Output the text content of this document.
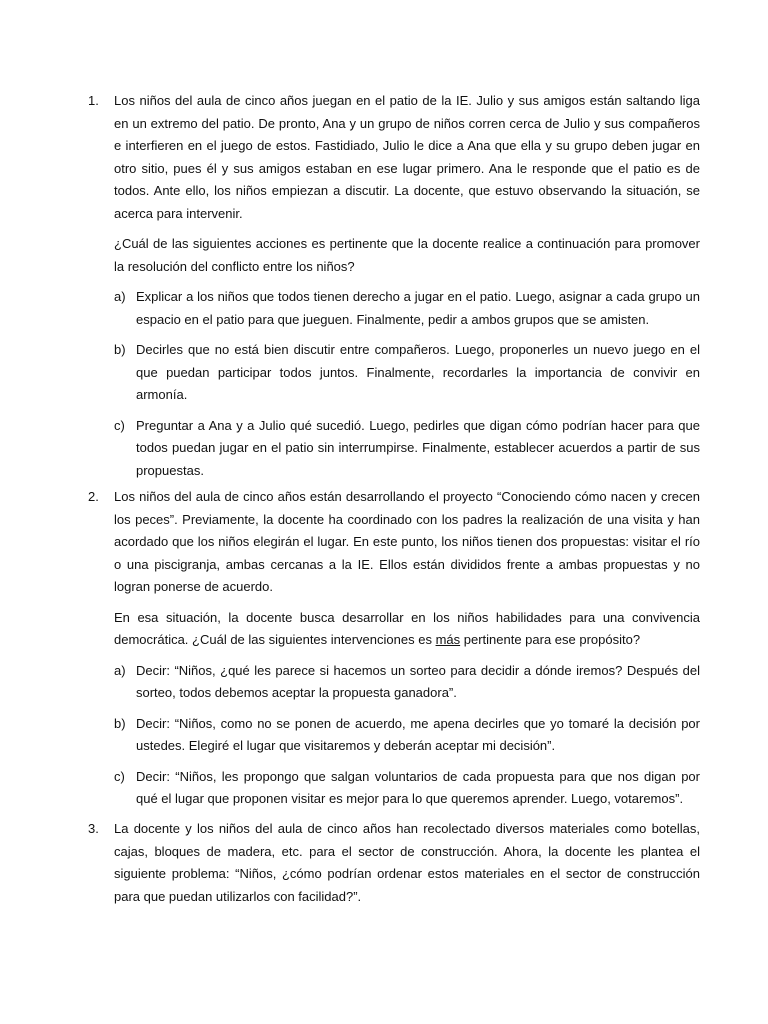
1.	Los niños del aula de cinco años juegan en el patio de la IE. Julio y sus amigos están saltando liga en un extremo del patio. De pronto, Ana y un grupo de niños corren cerca de Julio y sus compañeros e interfieren en el juego de estos. Fastidiado, Julio le dice a Ana que ella y su grupo deben jugar en otro sitio, pues él y sus amigos estaban en ese lugar primero. Ana le responde que el patio es de todos. Ante ello, los niños empiezan a discutir. La docente, que estuvo observando la situación, se acerca para intervenir.

¿Cuál de las siguientes acciones es pertinente que la docente realice a continuación para promover la resolución del conflicto entre los niños?

a) Explicar a los niños que todos tienen derecho a jugar en el patio. Luego, asignar a cada grupo un espacio en el patio para que jueguen. Finalmente, pedir a ambos grupos que se amisten.
b) Decirles que no está bien discutir entre compañeros. Luego, proponerles un nuevo juego en el que puedan participar todos juntos. Finalmente, recordarles la importancia de convivir en armonía.
c) Preguntar a Ana y a Julio qué sucedió. Luego, pedirles que digan cómo podrían hacer para que todos puedan jugar en el patio sin interrumpirse. Finalmente, establecer acuerdos a partir de sus propuestas.
2.	Los niños del aula de cinco años están desarrollando el proyecto “Conociendo cómo nacen y crecen los peces”. Previamente, la docente ha coordinado con los padres la realización de una visita y han acordado que los niños elegirán el lugar. En este punto, los niños tienen dos propuestas: visitar el río o una piscigranja, ambas cercanas a la IE. Ellos están divididos frente a ambas propuestas y no logran ponerse de acuerdo.

En esa situación, la docente busca desarrollar en los niños habilidades para una convivencia democrática. ¿Cuál de las siguientes intervenciones es más pertinente para ese propósito?

a) Decir: “Niños, ¿qué les parece si hacemos un sorteo para decidir a dónde iremos? Después del sorteo, todos debemos aceptar la propuesta ganadora”.
b) Decir: “Niños, como no se ponen de acuerdo, me apena decirles que yo tomaré la decisión por ustedes. Elegiré el lugar que visitaremos y deberán aceptar mi decisión”.
c) Decir: “Niños, les propongo que salgan voluntarios de cada propuesta para que nos digan por qué el lugar que proponen visitar es mejor para lo que queremos aprender. Luego, votaremos”.
3.	La docente y los niños del aula de cinco años han recolectado diversos materiales como botellas, cajas, bloques de madera, etc. para el sector de construcción. Ahora, la docente les plantea el siguiente problema: “Niños, ¿cómo podrían ordenar estos materiales en el sector de construcción para que puedan utilizarlos con facilidad?”.
